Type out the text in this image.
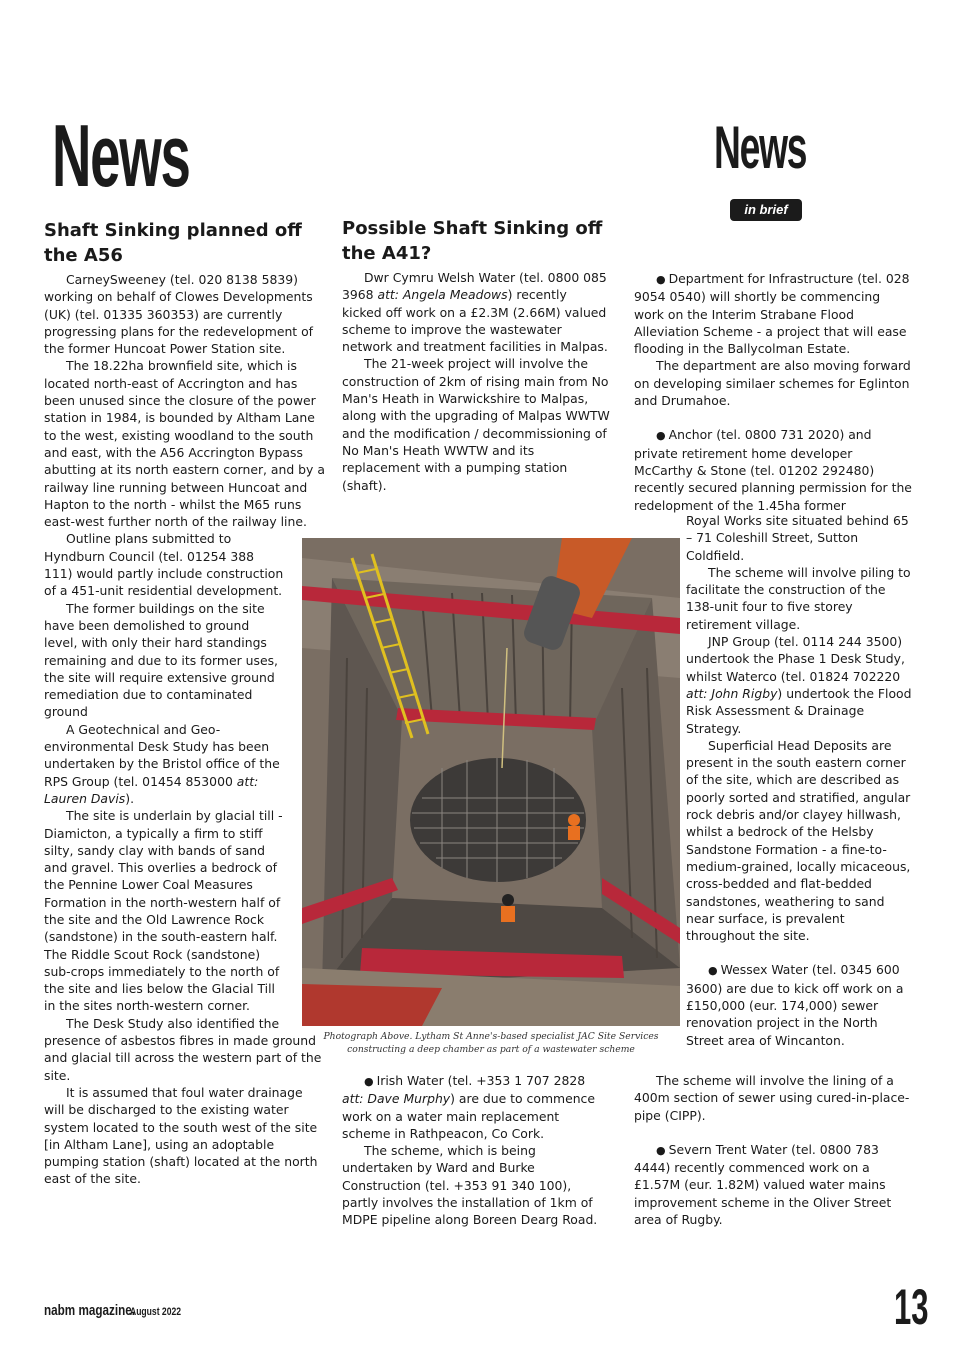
News	News
in brief
Shaft Sinking planned off the A56

CarneySweeney (tel. 020 8138 5839) working on behalf of Clowes Developments (UK) (tel. 01335 360353) are currently progressing plans for the redevelopment of the former Huncoat Power Station site.

The 18.22ha brownfield site, which is located north-east of Accrington and has been unused since the closure of the power station in 1984, is bounded by Altham Lane to the west, existing woodland to the south and east, with the A56 Accrington Bypass abutting at its north eastern corner, and by a railway line running between Huncoat and Hapton to the north - whilst the M65 runs east-west further north of the railway line.

Outline plans submitted to Hyndburn Council (tel. 01254 388 111) would partly include construction of a 451-unit residential development.

The former buildings on the site have been demolished to ground level, with only their hard standings remaining and due to its former uses, the site will require extensive ground remediation due to contaminated ground

A Geotechnical and Geo-environmental Desk Study has been undertaken by the Bristol office of the RPS Group (tel. 01454 853000 att: Lauren Davis).

The site is underlain by glacial till - Diamicton, a typically a firm to stiff silty, sandy clay with bands of sand and gravel. This overlies a bedrock of the Pennine Lower Coal Measures Formation in the north-western half of the site and the Old Lawrence Rock (sandstone) in the south-eastern half. The Riddle Scout Rock (sandstone) sub-crops immediately to the north of the site and lies below the Glacial Till in the sites north-western corner.

The Desk Study also identified the presence of asbestos fibres in made ground and glacial till across the western part of the site.

It is assumed that foul water drainage will be discharged to the existing water system located to the south west of the site [in Altham Lane], using an adoptable pumping station (shaft) located at the north east of the site.

Possible Shaft Sinking off the A41?

Dwr Cymru Welsh Water (tel. 0800 085 3968 att: Angela Meadows) recently kicked off work on a £2.3M (2.66M) valued scheme to improve the wastewater network and treatment facilities in Malpas.

The 21-week project will involve the construction of 2km of rising main from No Man's Heath in Warwickshire to Malpas, along with the upgrading of Malpas WWTW and the modification / decommissioning of No Man's Heath WWTW and its replacement with a pumping station (shaft).

Photograph Above. Lytham St Anne's-based specialist JAC Site Services constructing a deep chamber as part of a wastewater scheme

● Irish Water (tel. +353 1 707 2828 att: Dave Murphy) are due to commence work on a water main replacement scheme in Rathpeacon, Co Cork.

The scheme, which is being undertaken by Ward and Burke Construction (tel. +353 91 340 100), partly involves the installation of 1km of MDPE pipeline along Boreen Dearg Road.

● Department for Infrastructure (tel. 028 9054 0540) will shortly be commencing work on the Interim Strabane Flood Alleviation Scheme - a project that will ease flooding in the Ballycolman Estate.

The department are also moving forward on developing similaer schemes for Eglinton and Drumahoe.

● Anchor (tel. 0800 731 2020) and private retirement home developer McCarthy & Stone (tel. 01202 292480) recently secured planning permission for the redelopment of the 1.45ha former

Royal Works site situated behind 65 – 71 Coleshill Street, Sutton Coldfield.

The scheme will involve piling to facilitate the construction of the 138-unit four to five storey retirement village.

JNP Group (tel. 0114 244 3500) undertook the Phase 1 Desk Study, whilst Waterco (tel. 01824 702220 att: John Rigby) undertook the Flood Risk Assessment & Drainage Strategy.

Superficial Head Deposits are present in the south eastern corner of the site, which are described as poorly sorted and stratified, angular rock debris and/or clayey hillwash, whilst a bedrock of the Helsby Sandstone Formation - a fine-to-medium-grained, locally micaceous, cross-bedded and flat-bedded sandstones, weathering to sand near surface, is prevalent throughout the site.

● Wessex Water (tel. 0345 600 3600) are due to kick off work on a £150,000 (eur. 174,000) sewer renovation project in the North Street area of Wincanton.

The scheme will involve the lining of a 400m section of sewer using cured-in-place-pipe (CIPP).

● Severn Trent Water (tel. 0800 783 4444) recently commenced work on a £1.57M (eur. 1.82M) valued water mains improvement scheme in the Oliver Street area of Rugby.

nabm magazine.
August 2022	13
